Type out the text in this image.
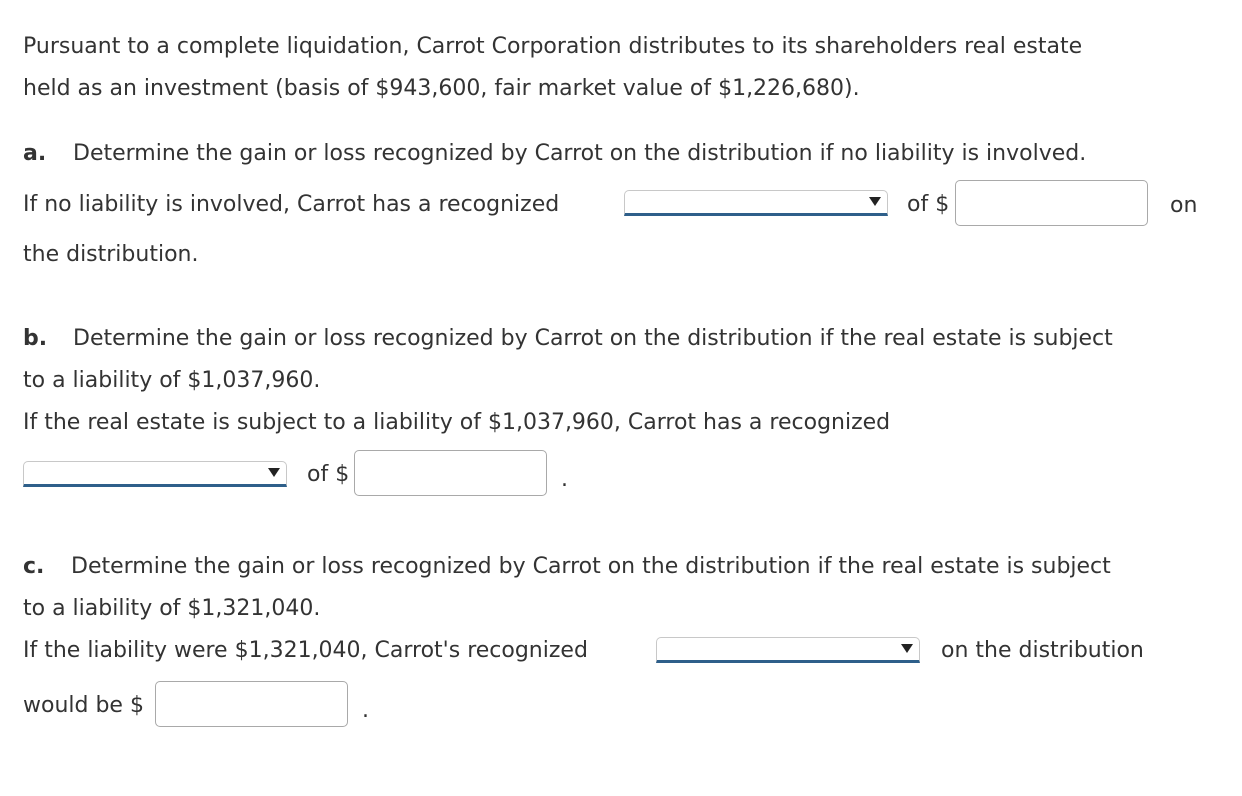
Pursuant to a complete liquidation, Carrot Corporation distributes to its shareholders real estate
held as an investment (basis of $943,600, fair market value of $1,226,680).
a. Determine the gain or loss recognized by Carrot on the distribution if no liability is involved.
If no liability is involved, Carrot has a recognized	of $	on
the distribution.
b. Determine the gain or loss recognized by Carrot on the distribution if the real estate is subject
to a liability of $1,037,960.
If the real estate is subject to a liability of $1,037,960, Carrot has a recognized
of $	.
c. Determine the gain or loss recognized by Carrot on the distribution if the real estate is subject
to a liability of $1,321,040.
If the liability were $1,321,040, Carrot's recognized	on the distribution
would be $	.
